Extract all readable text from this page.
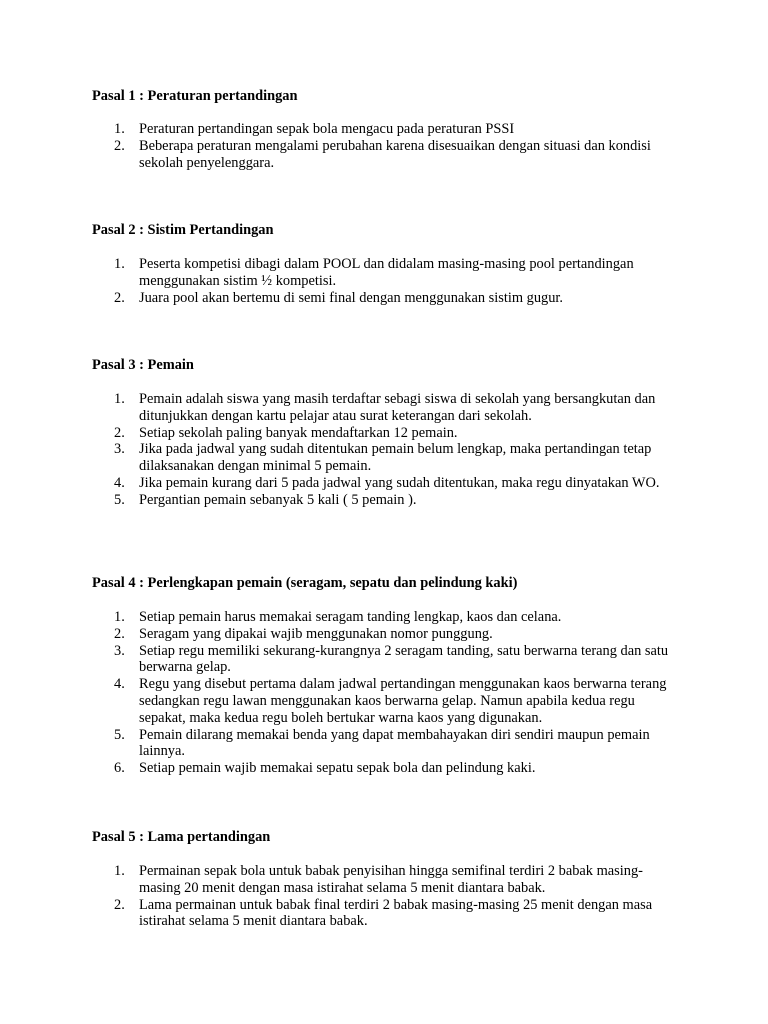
Pasal 1 : Peraturan pertandingan
1. Peraturan pertandingan sepak bola mengacu pada peraturan PSSI
2. Beberapa peraturan mengalami perubahan karena disesuaikan dengan situasi dan kondisi sekolah penyelenggara.
Pasal 2 : Sistim Pertandingan
1. Peserta kompetisi dibagi dalam POOL dan didalam masing-masing pool pertandingan menggunakan sistim ½ kompetisi.
2. Juara pool akan bertemu di semi final dengan menggunakan sistim gugur.
Pasal 3 : Pemain
1. Pemain adalah siswa yang masih terdaftar sebagi siswa di sekolah yang bersangkutan dan ditunjukkan dengan kartu pelajar atau surat keterangan dari sekolah.
2. Setiap sekolah paling banyak mendaftarkan 12 pemain.
3. Jika pada jadwal yang sudah ditentukan pemain belum lengkap, maka pertandingan tetap dilaksanakan dengan minimal 5 pemain.
4. Jika pemain kurang dari 5 pada jadwal yang sudah ditentukan, maka regu dinyatakan WO.
5. Pergantian pemain sebanyak 5 kali ( 5 pemain ).
Pasal 4 : Perlengkapan pemain (seragam, sepatu dan pelindung kaki)
1. Setiap pemain harus memakai seragam tanding lengkap, kaos dan celana.
2. Seragam yang dipakai wajib menggunakan nomor punggung.
3. Setiap regu memiliki sekurang-kurangnya 2 seragam tanding, satu berwarna terang dan satu berwarna gelap.
4. Regu yang disebut pertama dalam jadwal pertandingan menggunakan kaos berwarna terang sedangkan regu lawan menggunakan kaos berwarna gelap. Namun apabila kedua regu sepakat, maka kedua regu boleh bertukar warna kaos yang digunakan.
5. Pemain dilarang memakai benda yang dapat membahayakan diri sendiri maupun pemain lainnya.
6. Setiap pemain wajib memakai sepatu sepak bola dan pelindung kaki.
Pasal 5 : Lama pertandingan
1. Permainan sepak bola untuk babak penyisihan hingga semifinal terdiri 2 babak masing-masing 20 menit dengan masa istirahat selama 5 menit diantara babak.
2. Lama permainan untuk babak final terdiri 2 babak masing-masing 25 menit dengan masa istirahat selama 5 menit diantara babak.
